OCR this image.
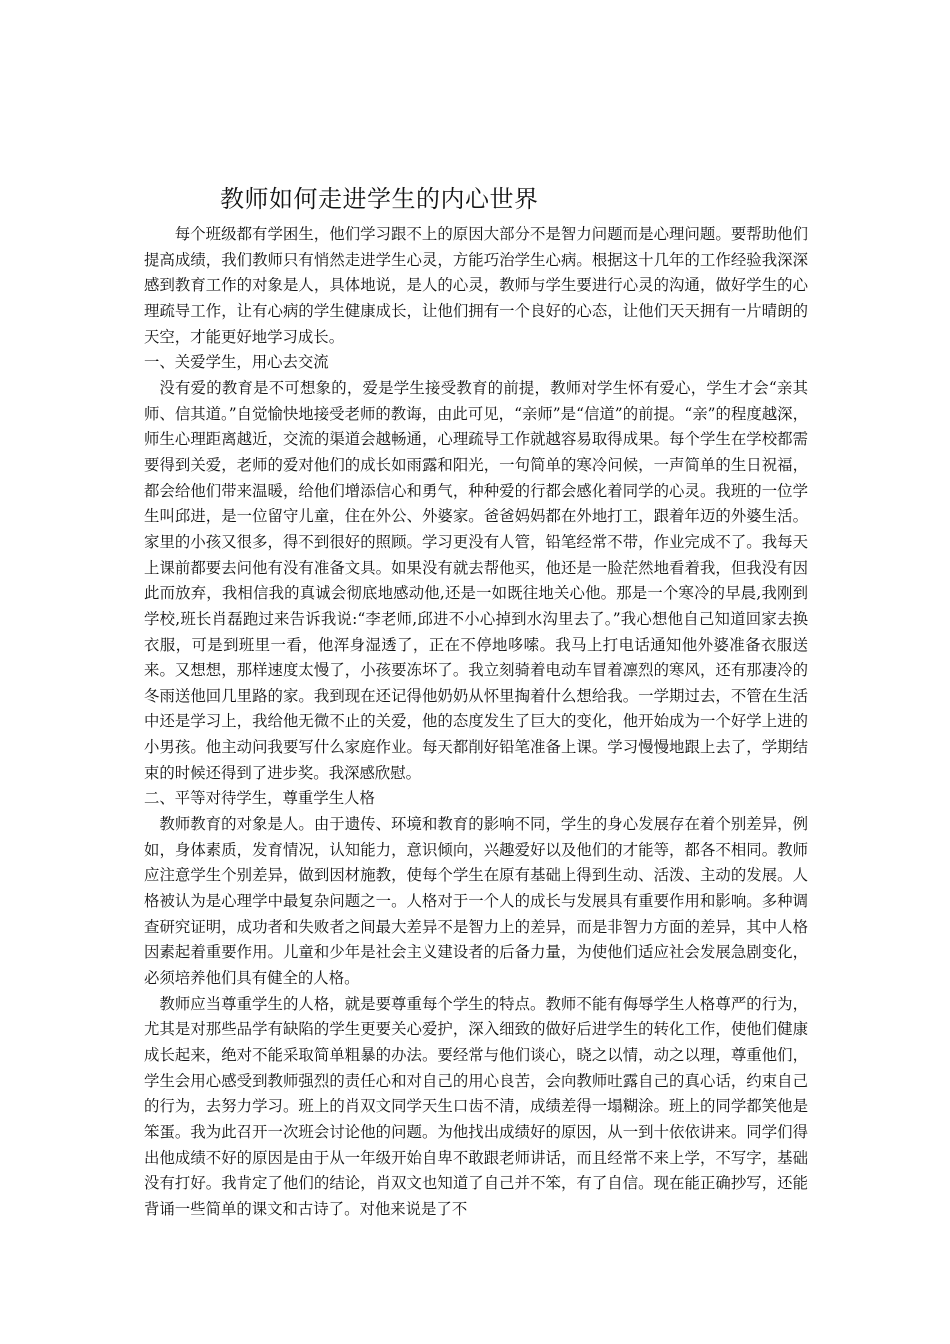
教师如何走进学生的内心世界

每个班级都有学困生，他们学习跟不上的原因大部分不是智力问题而是心理问题。要帮助他们提高成绩，我们教师只有悄然走进学生心灵，方能巧治学生心病。根据这十几年的工作经验我深深感到教育工作的对象是人，具体地说，是人的心灵，教师与学生要进行心灵的沟通，做好学生的心理疏导工作，让有心病的学生健康成长，让他们拥有一个良好的心态，让他们天天拥有一片晴朗的天空，才能更好地学习成长。

一、关爱学生，用心去交流

没有爱的教育是不可想象的，爱是学生接受教育的前提，教师对学生怀有爱心，学生才会“亲其师、信其道。”自觉愉快地接受老师的教诲，由此可见，“亲师”是“信道”的前提。“亲”的程度越深，师生心理距离越近，交流的渠道会越畅通，心理疏导工作就越容易取得成果。每个学生在学校都需要得到关爱，老师的爱对他们的成长如雨露和阳光，一句简单的寒冷问候，一声简单的生日祝福，都会给他们带来温暖，给他们增添信心和勇气，种种爱的行都会感化着同学的心灵。我班的一位学生叫邱进，是一位留守儿童，住在外公、外婆家。爸爸妈妈都在外地打工，跟着年迈的外婆生活。家里的小孩又很多，得不到很好的照顾。学习更没有人管，铅笔经常不带，作业完成不了。我每天上课前都要去问他有没有准备文具。如果没有就去帮他买，他还是一脸茫然地看着我，但我没有因此而放弃，我相信我的真诚会彻底地感动他,还是一如既往地关心他。那是一个寒冷的早晨,我刚到学校,班长肖磊跑过来告诉我说:“李老师,邱进不小心掉到水沟里去了。”我心想他自己知道回家去换衣服，可是到班里一看，他浑身湿透了，正在不停地哆嗦。我马上打电话通知他外婆准备衣服送来。又想想，那样速度太慢了，小孩要冻坏了。我立刻骑着电动车冒着凛烈的寒风，还有那凄冷的冬雨送他回几里路的家。我到现在还记得他奶奶从怀里掏着什么想给我。一学期过去，不管在生活中还是学习上，我给他无微不止的关爱，他的态度发生了巨大的变化，他开始成为一个好学上进的小男孩。他主动问我要写什么家庭作业。每天都削好铅笔准备上课。学习慢慢地跟上去了，学期结束的时候还得到了进步奖。我深感欣慰。

二、平等对待学生，尊重学生人格

教师教育的对象是人。由于遗传、环境和教育的影响不同，学生的身心发展存在着个别差异，例如，身体素质，发育情况，认知能力，意识倾向，兴趣爱好以及他们的才能等，都各不相同。教师应注意学生个别差异，做到因材施教，使每个学生在原有基础上得到生动、活泼、主动的发展。人格被认为是心理学中最复杂问题之一。人格对于一个人的成长与发展具有重要作用和影响。多种调查研究证明，成功者和失败者之间最大差异不是智力上的差异，而是非智力方面的差异，其中人格因素起着重要作用。儿童和少年是社会主义建设者的后备力量，为使他们适应社会发展急剧变化，必须培养他们具有健全的人格。

教师应当尊重学生的人格，就是要尊重每个学生的特点。教师不能有侮辱学生人格尊严的行为，尤其是对那些品学有缺陷的学生更要关心爱护，深入细致的做好后进学生的转化工作，使他们健康成长起来，绝对不能采取简单粗暴的办法。要经常与他们谈心，晓之以情，动之以理，尊重他们，学生会用心感受到教师强烈的责任心和对自己的用心良苦，会向教师吐露自己的真心话，约束自己的行为，去努力学习。班上的肖双文同学天生口齿不清，成绩差得一塌糊涂。班上的同学都笑他是笨蛋。我为此召开一次班会讨论他的问题。为他找出成绩好的原因，从一到十依依讲来。同学们得出他成绩不好的原因是由于从一年级开始自卑不敢跟老师讲话，而且经常不来上学，不写字，基础没有打好。我肯定了他们的结论，肖双文也知道了自己并不笨，有了自信。现在能正确抄写，还能背诵一些简单的课文和古诗了。对他来说是了不
